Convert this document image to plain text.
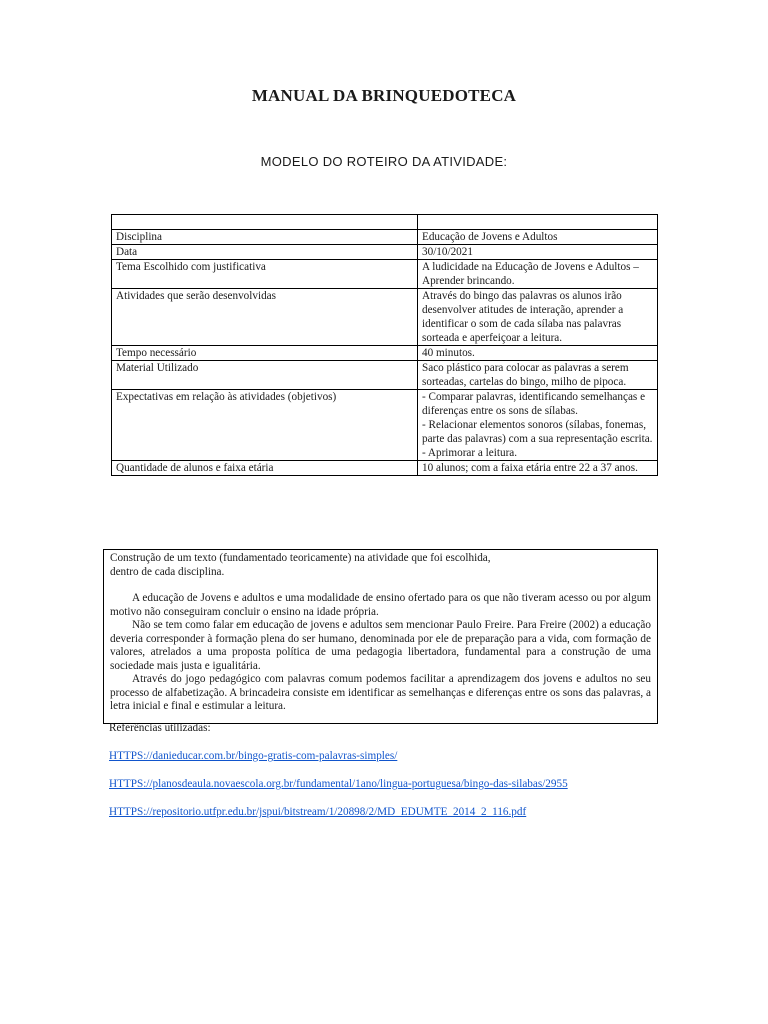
MANUAL DA BRINQUEDOTECA
MODELO DO ROTEIRO DA ATIVIDADE:

Disciplina	Educação de Jovens e Adultos
Data	30/10/2021
Tema Escolhido com justificativa	A ludicidade na Educação de Jovens e Adultos – Aprender brincando.
Atividades que serão desenvolvidas	Através do bingo das palavras os alunos irão desenvolver atitudes de interação, aprender a identificar o som de cada sílaba nas palavras sorteada e aperfeiçoar a leitura.
Tempo necessário	40 minutos.
Material Utilizado	Saco plástico para colocar as palavras a serem sorteadas, cartelas do bingo, milho de pipoca.
Expectativas em relação às atividades (objetivos)	- Comparar palavras, identificando semelhanças e diferenças entre os sons de sílabas.
- Relacionar elementos sonoros (sílabas, fonemas, parte das palavras) com a sua representação escrita.
- Aprimorar a leitura.

Quantidade de alunos e faixa etária	10 alunos; com a faixa etária entre 22 a 37 anos.

Construção de um texto (fundamentado teoricamente) na atividade que foi escolhida, dentro de cada disciplina.

A educação de Jovens e adultos e uma modalidade de ensino ofertado para os que não tiveram acesso ou por algum motivo não conseguiram concluir o ensino na idade própria.

Não se tem como falar em educação de jovens e adultos sem mencionar Paulo Freire. Para Freire (2002) a educação deveria corresponder à formação plena do ser humano, denominada por ele de preparação para a vida, com formação de valores, atrelados a uma proposta política de uma pedagogia libertadora, fundamental para a construção de uma sociedade mais justa e igualitária.

Através do jogo pedagógico com palavras comum podemos facilitar a aprendizagem dos jovens e adultos no seu processo de alfabetização. A brincadeira consiste em identificar as semelhanças e diferenças entre os sons das palavras, a letra inicial e final e estimular a leitura.

Referências utilizadas:
HTTPS://danieducar.com.br/bingo-gratis-com-palavras-simples/
HTTPS://planosdeaula.novaescola.org.br/fundamental/1ano/lingua-portuguesa/bingo-das-silabas/2955
HTTPS://repositorio.utfpr.edu.br/jspui/bitstream/1/20898/2/MD_EDUMTE_2014_2_116.pdf
